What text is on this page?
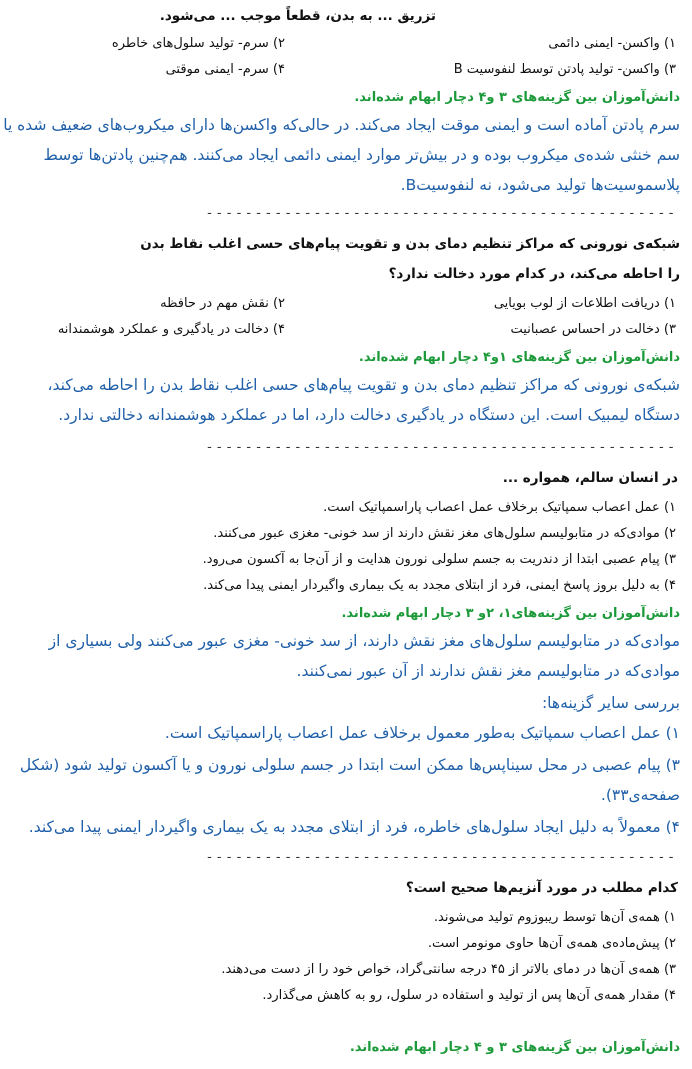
تزریق ... به بدن، قطعاً موجب ... می‌شود.
۱) واکسن- ایمنی دائمی
۲) سرم- تولید سلول‌های خاطره
۳) واکسن- تولید پادتن توسط لنفوسیت B
۴) سرم- ایمنی موقتی
دانش‌آموزان بین گزینه‌های ۳ و۴ دچار ابهام شده‌اند.
سرم پادتن آماده است و ایمنی موقت ایجاد می‌کند. در حالی‌که واکسن‌ها دارای میکروب‌های ضعیف شده یا
سم خنثی شده‌ی میکروب بوده و در بیش‌تر موارد ایمنی دائمی ایجاد می‌کنند. هم‌چنین پادتن‌ها توسط
پلاسموسیت‌ها تولید می‌شود، نه لنفوسیتB.
- - - - - - - - - - - - - - - - - - - - - - - - - - - - - - - - - - - - - - - - - - - - - - - -
شبکه‌ی نورونی که مراکز تنظیم دمای بدن و تقویت پیام‌های حسی اغلب نقاط بدن
را احاطه می‌کند، در کدام مورد دخالت ندارد؟
۱) دریافت اطلاعات از لوب بویایی
۲) نقش مهم در حافظه
۳) دخالت در احساس عصبانیت
۴) دخالت در یادگیری و عملکرد هوشمندانه
دانش‌آموزان بین گزینه‌های ۱و۴ دچار ابهام شده‌اند.
شبکه‌ی نورونی که مراکز تنظیم دمای بدن و تقویت پیام‌های حسی اغلب نقاط بدن را احاطه می‌کند،
دستگاه لیمبیک است. این دستگاه در یادگیری دخالت دارد، اما در عملکرد هوشمندانه دخالتی ندارد.
- - - - - - - - - - - - - - - - - - - - - - - - - - - - - - - - - - - - - - - - - - - - - - - -
در انسان سالم، همواره ...
۱) عمل اعصاب سمپاتیک برخلاف عمل اعصاب پاراسمپاتیک است.
۲) موادی‌که در متابولیسم سلول‌های مغز نقش دارند از سد خونی- مغزی عبور می‌کنند.
۳) پیام عصبی ابتدا از دندریت به جسم سلولی نورون هدایت و از آن‌جا به آکسون می‌رود.
۴) به دلیل بروز پاسخ ایمنی، فرد از ابتلای مجدد به یک بیماری واگیردار ایمنی پیدا می‌کند.
دانش‌آموزان بین گزینه‌های۱، ۲و ۳ دچار ابهام شده‌اند.
موادی‌که در متابولیسم سلول‌های مغز نقش دارند، از سد خونی- مغزی عبور می‌کنند ولی بسیاری از
موادی‌که در متابولیسم مغز نقش ندارند از آن عبور نمی‌کنند.
بررسی سایر گزینه‌ها:
۱) عمل اعصاب سمپاتیک به‌طور معمول برخلاف عمل اعصاب پاراسمپاتیک است.
۳) پیام عصبی در محل سیناپس‌ها ممکن است ابتدا در جسم سلولی نورون و یا آکسون تولید شود (شکل
صفحه‌ی۳۳).
۴) معمولاً به دلیل ایجاد سلول‌های خاطره، فرد از ابتلای مجدد به یک بیماری واگیردار ایمنی پیدا می‌کند.
- - - - - - - - - - - - - - - - - - - - - - - - - - - - - - - - - - - - - - - - - - - - - - - -
کدام مطلب در مورد آنزیم‌ها صحیح است؟
۱) همه‌ی آن‌ها توسط ریبوزوم تولید می‌شوند.
۲) پیش‌ماده‌ی همه‌ی آن‌ها حاوی مونومر است.
۳) همه‌ی آن‌ها در دمای بالاتر از ۴۵ درجه سانتی‌گراد، خواص خود را از دست می‌دهند.
۴) مقدار همه‌ی آن‌ها پس از تولید و استفاده در سلول، رو به کاهش می‌گذارد.
دانش‌آموزان بین گزینه‌های ۳ و ۴ دچار ابهام شده‌اند.
